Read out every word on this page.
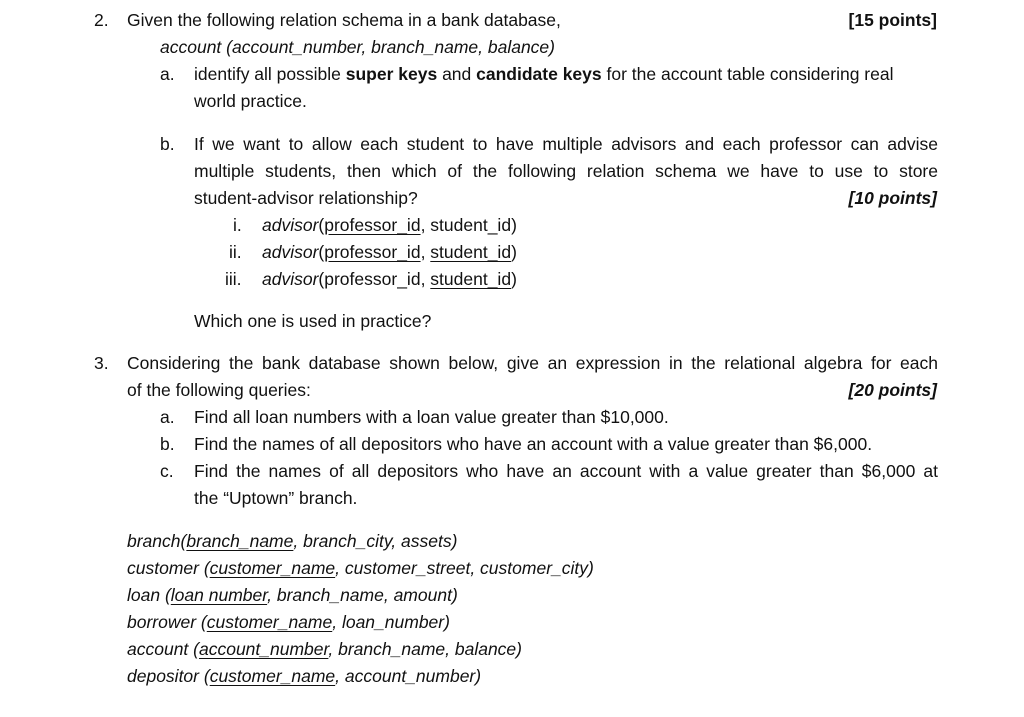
2. Given the following relation schema in a bank database,	[15 points]
account (account_number, branch_name, balance)
a. identify all possible super keys and candidate keys for the account table considering real
world practice.
b. If we want to allow each student to have multiple advisors and each professor can advise
multiple students, then which of the following relation schema we have to use to store
student-advisor relationship?	[10 points]
i. advisor(professor_id, student_id)
ii. advisor(professor_id, student_id)
iii. advisor(professor_id, student_id)
Which one is used in practice?
3. Considering the bank database shown below, give an expression in the relational algebra for each
of the following queries:	[20 points]
a. Find all loan numbers with a loan value greater than $10,000.
b. Find the names of all depositors who have an account with a value greater than $6,000.
c. Find the names of all depositors who have an account with a value greater than $6,000 at
the “Uptown” branch.
branch(branch_name, branch_city, assets)
customer (customer_name, customer_street, customer_city)
loan (loan number, branch_name, amount)
borrower (customer_name, loan_number)
account (account_number, branch_name, balance)
depositor (customer_name, account_number)
